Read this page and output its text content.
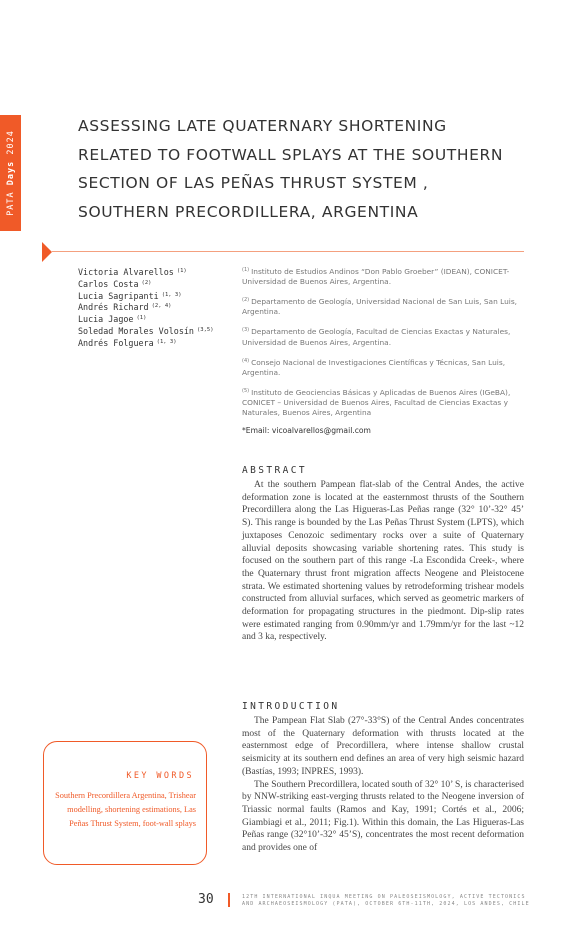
PATA Days 2024
ASSESSING LATE QUATERNARY SHORTENING
RELATED TO FOOTWALL SPLAYS AT THE SOUTHERN
SECTION OF LAS PEÑAS THRUST SYSTEM ,
SOUTHERN PRECORDILLERA, ARGENTINA
Victoria Alvarellos $^{(1)}$
Carlos Costa $^{(2)}$
Lucia Sagripanti $^{(1, 3)}$
Andrés Richard $^{(2, 4)}$
Lucia Jagoe $^{(1)}$
Soledad Morales Volosín $^{(3,5)}$
Andrés Folguera $^{(1, 3)}$

$^{(1)}$ Instituto de Estudios Andinos “Don Pablo Groeber” (IDEAN), CONICET-Universidad de Buenos Aires, Argentina.

$^{(2)}$ Departamento de Geología, Universidad Nacional de San Luis, San Luis, Argentina.

$^{(3)}$ Departamento de Geología, Facultad de Ciencias Exactas y Naturales, Universidad de Buenos Aires, Argentina.

$^{(4)}$ Consejo Nacional de Investigaciones Científicas y Técnicas, San Luis, Argentina.

$^{(5)}$ Instituto de Geociencias Básicas y Aplicadas de Buenos Aires (IGeBA), CONICET – Universidad de Buenos Aires, Facultad de Ciencias Exactas y Naturales, Buenos Aires, Argentina

*Email: vicoalvarellos@gmail.com

ABSTRACT

At the southern Pampean flat-slab of the Central Andes, the active deformation zone is located at the easternmost thrusts of the Southern Precordillera along the Las Higueras-Las Peñas range (32° 10’-32° 45’ S). This range is bounded by the Las Peñas Thrust System (LPTS), which juxtaposes Cenozoic sedimentary rocks over a suite of Quaternary alluvial deposits showcasing variable shortening rates. This study is focused on the southern part of this range -La Escondida Creek-, where the Quaternary thrust front migration affects Neogene and Pleistocene strata. We estimated shortening values by retrodeforming trishear models constructed from alluvial surfaces, which served as geometric markers of deformation for propagating structures in the piedmont. Dip-slip rates were estimated ranging from 0.90mm/yr and 1.79mm/yr for the last ~12 and 3 ka, respectively.

INTRODUCTION

The Pampean Flat Slab (27°-33°S) of the Central Andes concentrates most of the Quaternary deformation with thrusts located at the easternmost edge of Precordillera, where intense shallow crustal seismicity at its southern end defines an area of very high seismic hazard (Bastías, 1993; INPRES, 1993).

The Southern Precordillera, located south of 32° 10’ S, is characterised by NNW-striking east-verging thrusts related to the Neogene inversion of Triassic normal faults (Ramos and Kay, 1991; Cortés et al., 2006; Giambiagi et al., 2011; Fig.1). Within this domain, the Las Higueras-Las Peñas range (32°10’-32° 45’S), concentrates the most recent deformation and provides one of

KEY WORDS
Southern Precordillera Argentina, Trishear modelling, shortening estimations, Las Peñas Thrust System, foot-wall splays
30	12TH INTERNATIONAL INQUA MEETING ON PALEOSEISMOLOGY, ACTIVE TECTONICS
AND ARCHAEOSEISMOLOGY (PATA), OCTOBER 6TH-11TH, 2024, LOS ANDES, CHILE
